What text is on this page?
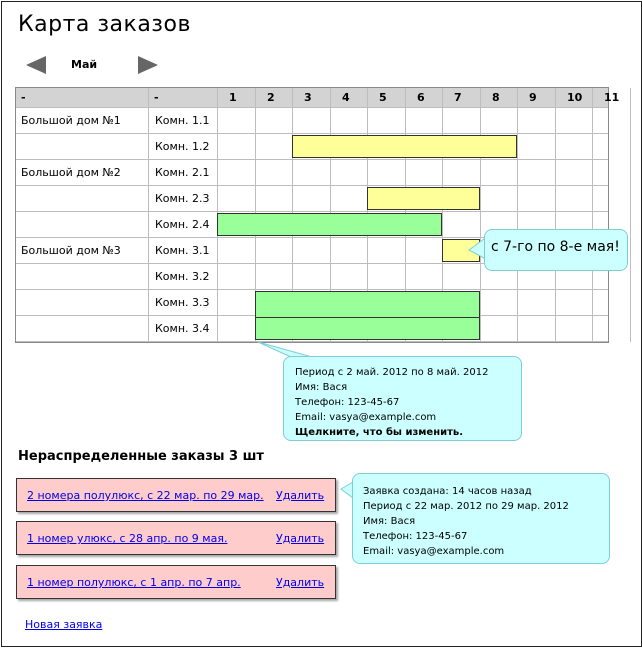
Карта заказов
Май
-	-	1	2	3	4	5	6	7	8	9	10 11
Большой дом №1	Комн. 1.1
Комн. 1.2
Большой дом №2	Комн. 2.1
Комн. 2.3
Комн. 2.4
Большой дом №3	Комн. 3.1
Комн. 3.2
Комн. 3.3
Комн. 3.4
с 7-го по 8-е мая!
Период с 2 май. 2012 по 8 май. 2012
Имя: Вася
Телефон: 123-45-67
Email: vasya@example.com
Щелкните, что бы изменить.
Нераспределенные заказы 3 шт
2 номера полулюкс, с 22 мар. по 29 мар. Удалить
1 номер улюкс, с 28 апр. по 9 мая.	Удалить
1 номер полулюкс, с 1 апр. по 7 апр.	Удалить
Заявка создана: 14 часов назад
Период с 22 мар. 2012 по 29 мар. 2012
Имя: Вася
Телефон: 123-45-67
Email: vasya@example.com
Новая заявка
